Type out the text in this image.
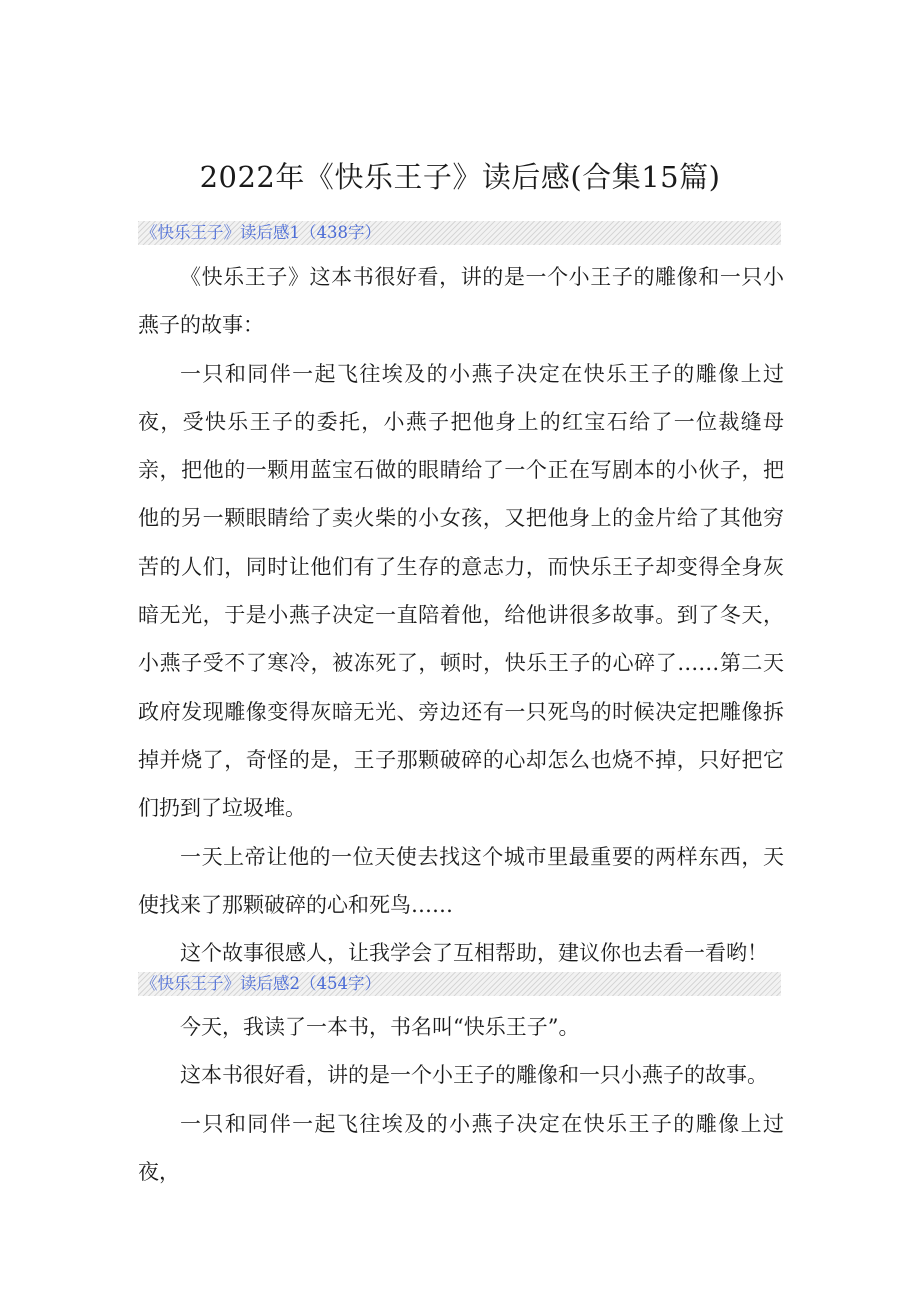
2022年《快乐王子》读后感(合集15篇)
《快乐王子》读后感1（438字）

《快乐王子》这本书很好看，讲的是一个小王子的雕像和一只小燕子的故事：

一只和同伴一起飞往埃及的小燕子决定在快乐王子的雕像上过夜，受快乐王子的委托，小燕子把他身上的红宝石给了一位裁缝母亲，把他的一颗用蓝宝石做的眼睛给了一个正在写剧本的小伙子，把他的另一颗眼睛给了卖火柴的小女孩，又把他身上的金片给了其他穷苦的人们，同时让他们有了生存的意志力，而快乐王子却变得全身灰暗无光，于是小燕子决定一直陪着他，给他讲很多故事。到了冬天，小燕子受不了寒冷，被冻死了，顿时，快乐王子的心碎了……第二天政府发现雕像变得灰暗无光、旁边还有一只死鸟的时候决定把雕像拆掉并烧了，奇怪的是，王子那颗破碎的心却怎么也烧不掉，只好把它们扔到了垃圾堆。

一天上帝让他的一位天使去找这个城市里最重要的两样东西，天使找来了那颗破碎的心和死鸟……

这个故事很感人，让我学会了互相帮助，建议你也去看一看哟！

《快乐王子》读后感2（454字）

今天，我读了一本书，书名叫“快乐王子”。

这本书很好看，讲的是一个小王子的雕像和一只小燕子的故事。

一只和同伴一起飞往埃及的小燕子决定在快乐王子的雕像上过夜，
